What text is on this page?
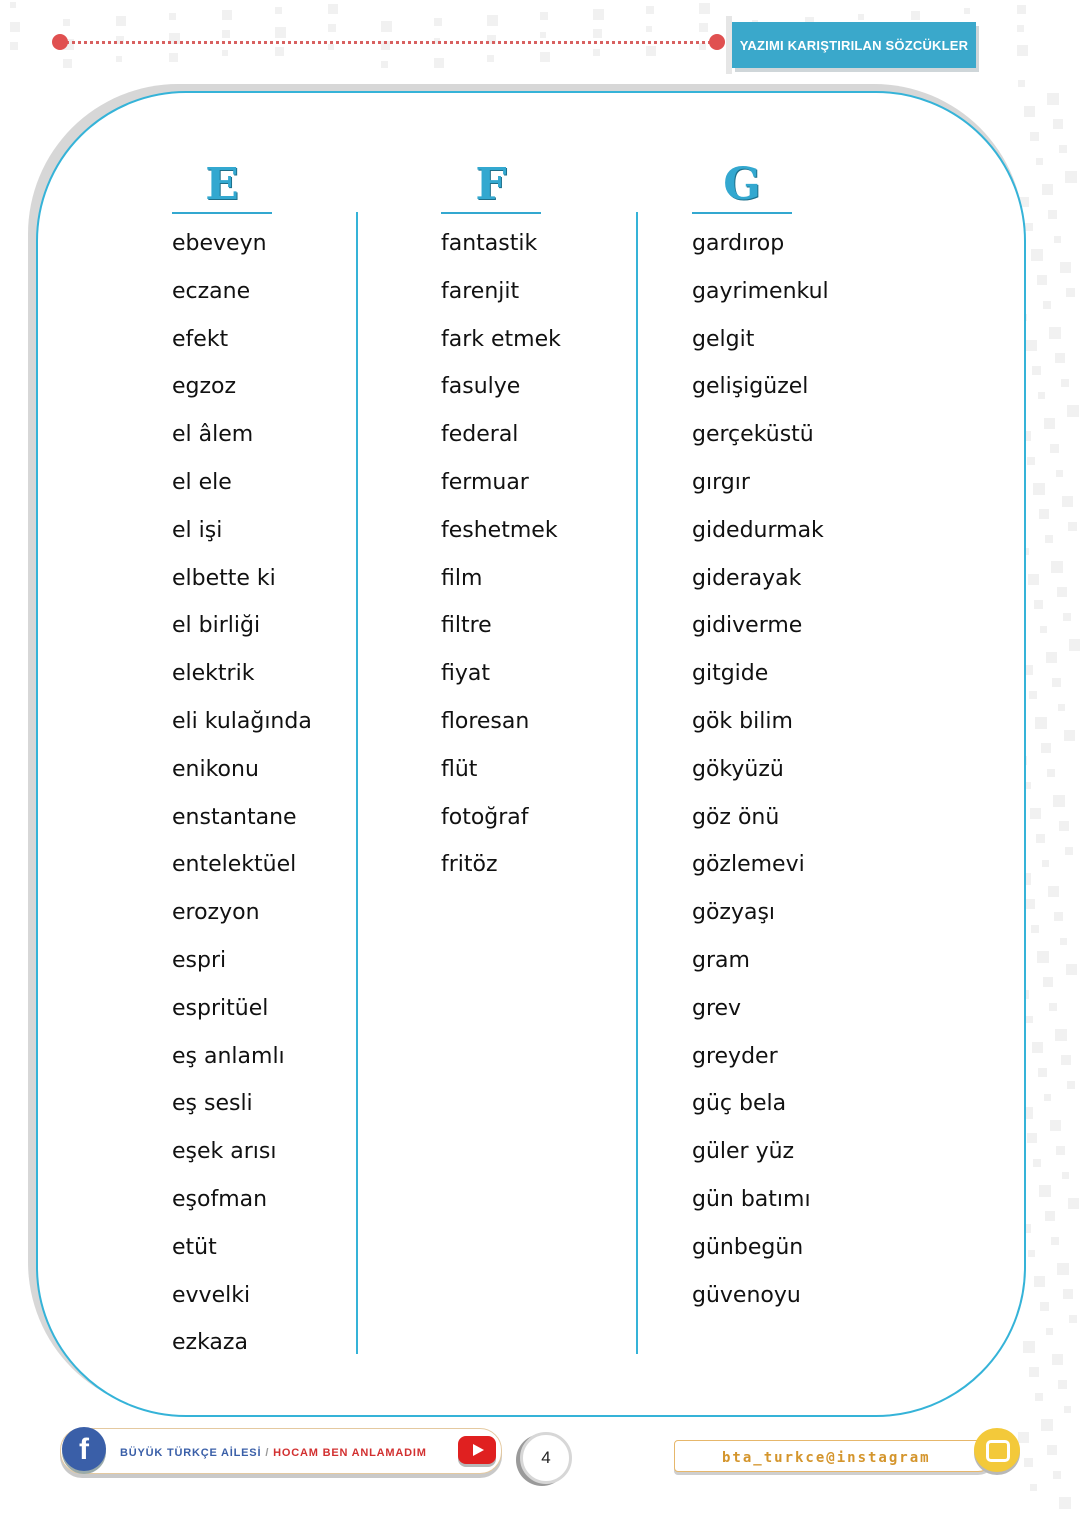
YAZIMI KARIŞTIRILAN SÖZCÜKLER
E
ebeveyn
eczane
efekt
egzoz
el âlem
el ele
el işi
elbette ki
el birliği
elektrik
eli kulağında
enikonu
enstantane
entelektüel
erozyon
espri
espritüel
eş anlamlı
eş sesli
eşek arısı
eşofman
etüt
evvelki
ezkaza
F
fantastik
farenjit
fark etmek
fasulye
federal
fermuar
feshetmek
film
filtre
fiyat
floresan
flüt
fotoğraf
fritöz
G
gardırop
gayrimenkul
gelgit
gelişigüzel
gerçeküstü
gırgır
gidedurmak
giderayak
gidiverme
gitgide
gök bilim
gökyüzü
göz önü
gözlemevi
gözyaşı
gram
grev
greyder
güç bela
güler yüz
gün batımı
günbegün
güvenoyu
f	BÜYÜK TÜRKÇE AİLESİ / HOCAM BEN ANLAMADIM	4	bta_turkce@instagram
